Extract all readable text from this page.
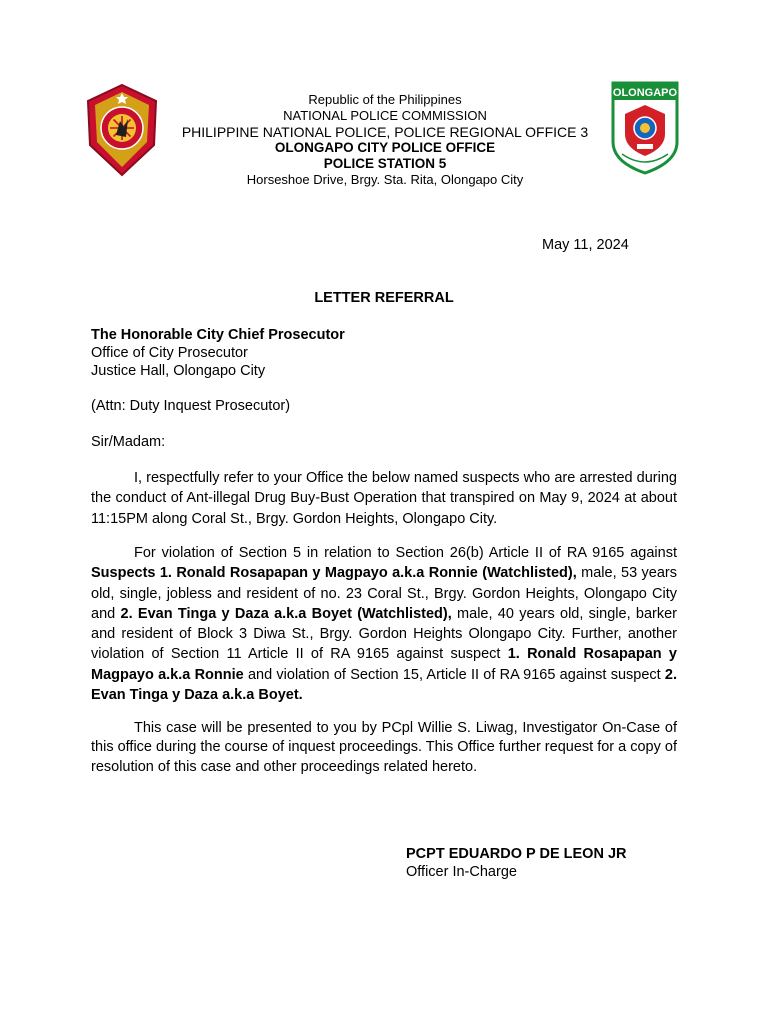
Republic of the Philippines
NATIONAL POLICE COMMISSION
PHILIPPINE NATIONAL POLICE, POLICE REGIONAL OFFICE 3
OLONGAPO CITY POLICE OFFICE
POLICE STATION 5
Horseshoe Drive, Brgy. Sta. Rita, Olongapo City
OLONGAPO
May 11, 2024
LETTER REFERRAL
The Honorable City Chief Prosecutor
Office of City Prosecutor
Justice Hall, Olongapo City
(Attn: Duty Inquest Prosecutor)
Sir/Madam:
I, respectfully refer to your Office the below named suspects who are arrested during the conduct of Ant-illegal Drug Buy-Bust Operation that transpired on May 9, 2024 at about 11:15PM along Coral St., Brgy. Gordon Heights, Olongapo City.
For violation of Section 5 in relation to Section 26(b) Article II of RA 9165 against Suspects 1. Ronald Rosapapan y Magpayo a.k.a Ronnie (Watchlisted), male, 53 years old, single, jobless and resident of no. 23 Coral St., Brgy. Gordon Heights, Olongapo City and 2. Evan Tinga y Daza a.k.a Boyet (Watchlisted), male, 40 years old, single, barker and resident of Block 3 Diwa St., Brgy. Gordon Heights Olongapo City. Further, another violation of Section 11 Article II of RA 9165 against suspect 1. Ronald Rosapapan y Magpayo a.k.a Ronnie and violation of Section 15, Article II of RA 9165 against suspect 2. Evan Tinga y Daza a.k.a Boyet.
This case will be presented to you by PCpl Willie S. Liwag, Investigator On-Case of this office during the course of inquest proceedings. This Office further request for a copy of resolution of this case and other proceedings related hereto.
PCPT EDUARDO P DE LEON JR
Officer In-Charge
